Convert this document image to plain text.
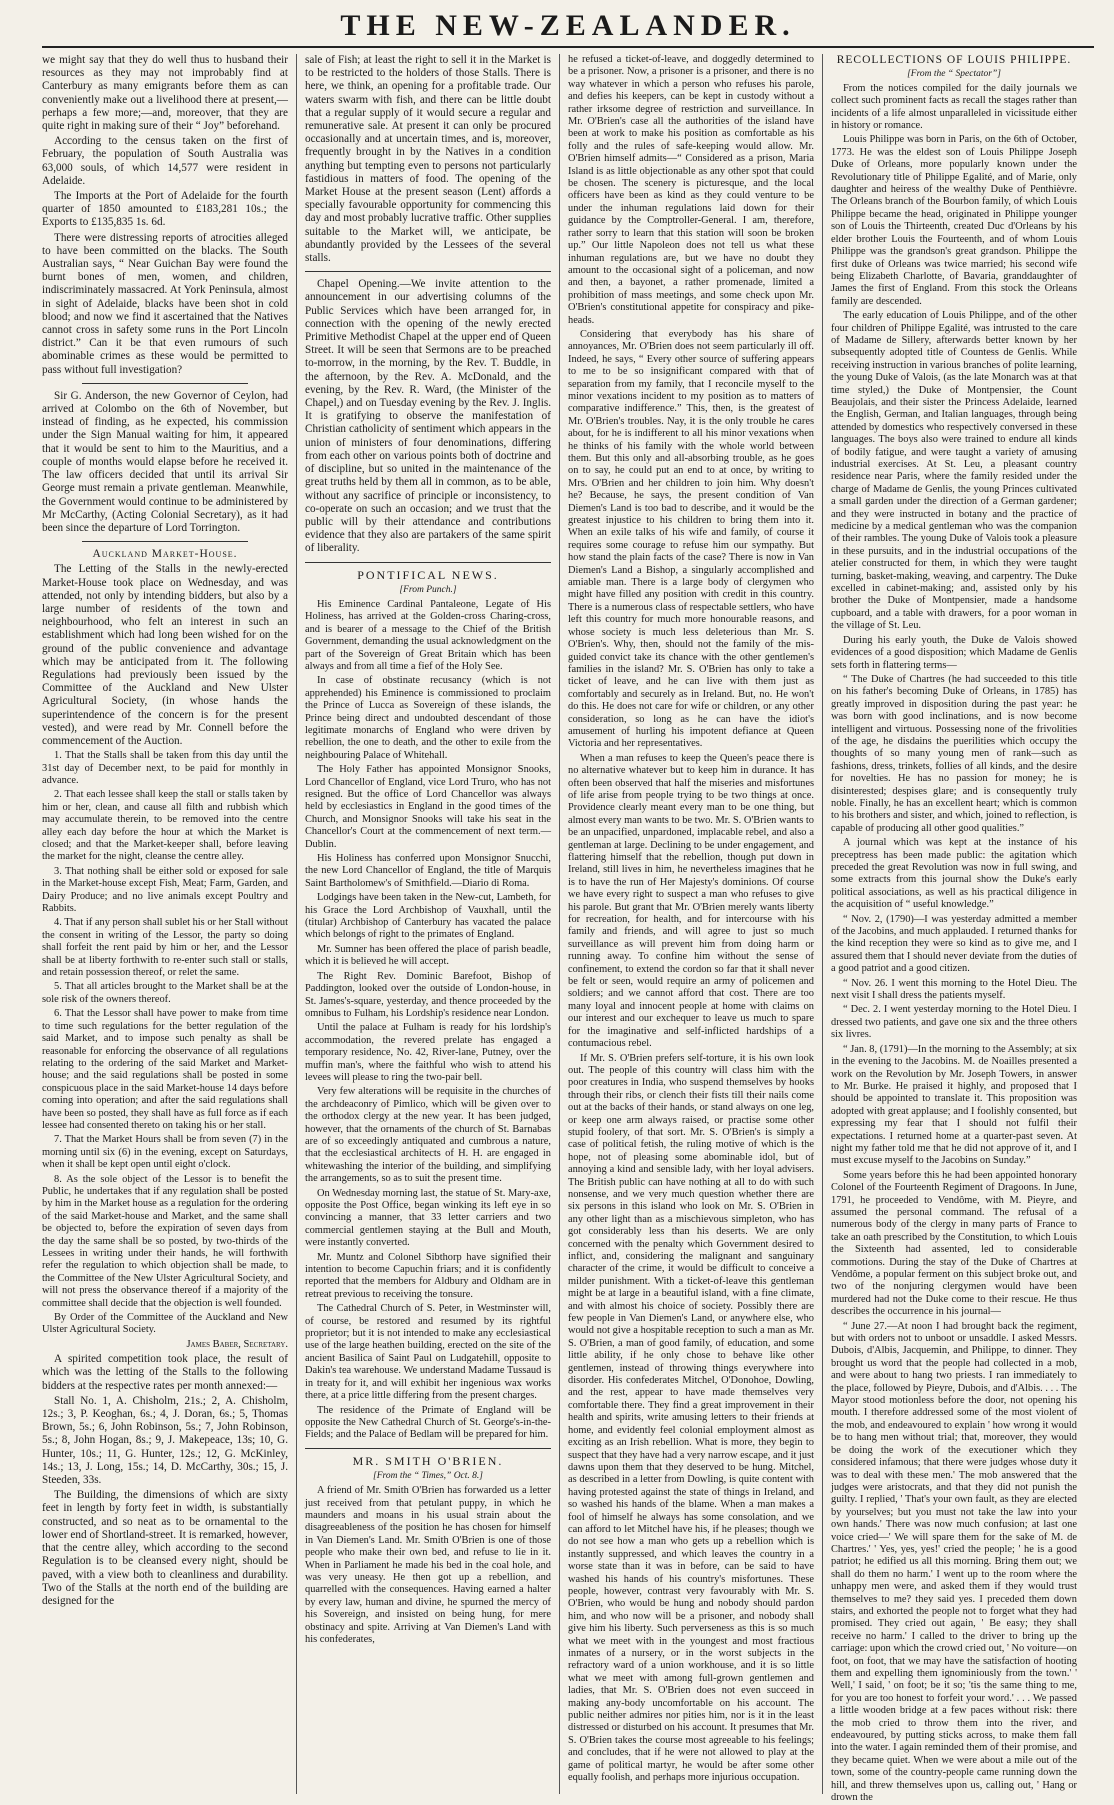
THE NEW-ZEALANDER.

we might say that they do well thus to husband their resources as they may not improbably find at Canterbury as many emigrants before them as can conveniently make out a livelihood there at present,—perhaps a few more;—and, moreover, that they are quite right in making sure of their “ Joy” beforehand.

According to the census taken on the first of February, the population of South Australia was 63,000 souls, of which 14,577 were resident in Adelaide.

The Imports at the Port of Adelaide for the fourth quarter of 1850 amounted to £183,281 10s.; the Exports to £135,835 1s. 6d.

There were distressing reports of atrocities alleged to have been committed on the blacks. The South Australian says, “ Near Guichan Bay were found the burnt bones of men, women, and children, indiscriminately massacred. At York Peninsula, almost in sight of Adelaide, blacks have been shot in cold blood; and now we find it ascertained that the Natives cannot cross in safety some runs in the Port Lincoln district.” Can it be that even rumours of such abominable crimes as these would be permitted to pass without full investigation?

Sir G. Anderson, the new Governor of Ceylon, had arrived at Colombo on the 6th of November, but instead of finding, as he expected, his commission under the Sign Manual waiting for him, it appeared that it would be sent to him to the Mauritius, and a couple of months would elapse before he received it. The law officers decided that until its arrival Sir George must remain a private gentleman. Meanwhile, the Government would continue to be administered by Mr McCarthy, (Acting Colonial Secretary), as it had been since the departure of Lord Torrington.

Auckland Market-House.

The Letting of the Stalls in the newly-erected Market-House took place on Wednesday, and was attended, not only by intending bidders, but also by a large number of residents of the town and neighbourhood, who felt an interest in such an establishment which had long been wished for on the ground of the public convenience and advantage which may be anticipated from it. The following Regulations had previously been issued by the Committee of the Auckland and New Ulster Agricultural Society, (in whose hands the superintendence of the concern is for the present vested), and were read by Mr. Connell before the commencement of the Auction.

1. That the Stalls shall be taken from this day until the 31st day of December next, to be paid for monthly in advance.

2. That each lessee shall keep the stall or stalls taken by him or her, clean, and cause all filth and rubbish which may accumulate therein, to be removed into the centre alley each day before the hour at which the Market is closed; and that the Market-keeper shall, before leaving the market for the night, cleanse the centre alley.

3. That nothing shall be either sold or exposed for sale in the Market-house except Fish, Meat; Farm, Garden, and Dairy Produce; and no live animals except Poultry and Rabbits.

4. That if any person shall sublet his or her Stall without the consent in writing of the Lessor, the party so doing shall forfeit the rent paid by him or her, and the Lessor shall be at liberty forthwith to re-enter such stall or stalls, and retain possession thereof, or relet the same.

5. That all articles brought to the Market shall be at the sole risk of the owners thereof.

6. That the Lessor shall have power to make from time to time such regulations for the better regulation of the said Market, and to impose such penalty as shall be reasonable for enforcing the observance of all regulations relating to the ordering of the said Market and Market-house; and the said regulations shall be posted in some conspicuous place in the said Market-house 14 days before coming into operation; and after the said regulations shall have been so posted, they shall have as full force as if each lessee had consented thereto on taking his or her stall.

7. That the Market Hours shall be from seven (7) in the morning until six (6) in the evening, except on Saturdays, when it shall be kept open until eight o'clock.

8. As the sole object of the Lessor is to benefit the Public, he undertakes that if any regulation shall be posted by him in the Market house as a regulation for the ordering of the said Market-house and Market, and the same shall be objected to, before the expiration of seven days from the day the same shall be so posted, by two-thirds of the Lessees in writing under their hands, he will forthwith refer the regulation to which objection shall be made, to the Committee of the New Ulster Agricultural Society, and will not press the observance thereof if a majority of the committee shall decide that the objection is well founded.

By Order of the Committee of the Auckland and New Ulster Agricultural Society.

James Baber, Secretary.

A spirited competition took place, the result of which was the letting of the Stalls to the following bidders at the respective rates per month annexed:—

Stall No. 1, A. Chisholm, 21s.; 2, A. Chisholm, 12s.; 3, P. Keoghan, 6s.; 4, J. Doran, 6s.; 5, Thomas Brown, 5s.; 6, John Robinson, 5s.; 7, John Robinson, 5s.; 8, John Hogan, 8s.; 9, J. Makepeace, 13s; 10, G. Hunter, 10s.; 11, G. Hunter, 12s.; 12, G. McKinley, 14s.; 13, J. Long, 15s.; 14, D. McCarthy, 30s.; 15, J. Steeden, 33s.

The Building, the dimensions of which are sixty feet in length by forty feet in width, is substantially constructed, and so neat as to be ornamental to the lower end of Shortland-street. It is remarked, however, that the centre alley, which according to the second Regulation is to be cleansed every night, should be paved, with a view both to cleanliness and durability. Two of the Stalls at the north end of the building are designed for the

sale of Fish; at least the right to sell it in the Market is to be restricted to the holders of those Stalls. There is here, we think, an opening for a profitable trade. Our waters swarm with fish, and there can be little doubt that a regular supply of it would secure a regular and remunerative sale. At present it can only be procured occasionally and at uncertain times, and is, moreover, frequently brought in by the Natives in a condition anything but tempting even to persons not particularly fastidious in matters of food. The opening of the Market House at the present season (Lent) affords a specially favourable opportunity for commencing this day and most probably lucrative traffic. Other supplies suitable to the Market will, we anticipate, be abundantly provided by the Lessees of the several stalls.

Chapel Opening.—We invite attention to the announcement in our advertising columns of the Public Services which have been arranged for, in connection with the opening of the newly erected Primitive Methodist Chapel at the upper end of Queen Street. It will be seen that Sermons are to be preached to-morrow, in the morning, by the Rev. T. Buddle, in the afternoon, by the Rev. A. McDonald, and the evening, by the Rev. R. Ward, (the Minister of the Chapel,) and on Tuesday evening by the Rev. J. Inglis. It is gratifying to observe the manifestation of Christian catholicity of sentiment which appears in the union of ministers of four denominations, differing from each other on various points both of doctrine and of discipline, but so united in the maintenance of the great truths held by them all in common, as to be able, without any sacrifice of principle or inconsistency, to co-operate on such an occasion; and we trust that the public will by their attendance and contributions evidence that they also are partakers of the same spirit of liberality.

PONTIFICAL NEWS.

[From Punch.]

His Eminence Cardinal Pantaleone, Legate of His Holiness, has arrived at the Golden-cross Charing-cross, and is bearer of a message to the Chief of the British Government, demanding the usual acknowledgment on the part of the Sovereign of Great Britain which has been always and from all time a fief of the Holy See.

In case of obstinate recusancy (which is not apprehended) his Eminence is commissioned to proclaim the Prince of Lucca as Sovereign of these islands, the Prince being direct and undoubted descendant of those legitimate monarchs of England who were driven by rebellion, the one to death, and the other to exile from the neighbouring Palace of Whitehall.

The Holy Father has appointed Monsignor Snooks, Lord Chancellor of England, vice Lord Truro, who has not resigned. But the office of Lord Chancellor was always held by ecclesiastics in England in the good times of the Church, and Monsignor Snooks will take his seat in the Chancellor's Court at the commencement of next term.—Dublin.

His Holiness has conferred upon Monsignor Snucchi, the new Lord Chancellor of England, the title of Marquis Saint Bartholomew's of Smithfield.—Diario di Roma.

Lodgings have been taken in the New-cut, Lambeth, for his Grace the Lord Archbishop of Vauxhall, until the (titular) Archbishop of Canterbury has vacated the palace which belongs of right to the primates of England.

Mr. Sumner has been offered the place of parish beadle, which it is believed he will accept.

The Right Rev. Dominic Barefoot, Bishop of Paddington, looked over the outside of London-house, in St. James's-square, yesterday, and thence proceeded by the omnibus to Fulham, his Lordship's residence near London.

Until the palace at Fulham is ready for his lordship's accommodation, the revered prelate has engaged a temporary residence, No. 42, River-lane, Putney, over the muffin man's, where the faithful who wish to attend his levees will please to ring the two-pair bell.

Very few alterations will be requisite in the churches of the archdeaconry of Pimlico, which will be given over to the orthodox clergy at the new year. It has been judged, however, that the ornaments of the church of St. Barnabas are of so exceedingly antiquated and cumbrous a nature, that the ecclesiastical architects of H. H. are engaged in whitewashing the interior of the building, and simplifying the arrangements, so as to suit the present time.

On Wednesday morning last, the statue of St. Mary-axe, opposite the Post Office, began winking its left eye in so convincing a manner, that 33 letter carriers and two commercial gentlemen staying at the Bull and Mouth, were instantly converted.

Mr. Muntz and Colonel Sibthorp have signified their intention to become Capuchin friars; and it is confidently reported that the members for Aldbury and Oldham are in retreat previous to receiving the tonsure.

The Cathedral Church of S. Peter, in Westminster will, of course, be restored and resumed by its rightful proprietor; but it is not intended to make any ecclesiastical use of the large heathen building, erected on the site of the ancient Basilica of Saint Paul on Ludgatehill, opposite to Dakin's tea warehouse. We understand Madame Tussaud is in treaty for it, and will exhibit her ingenious wax works there, at a price little differing from the present charges.

The residence of the Primate of England will be opposite the New Cathedral Church of St. George's-in-the-Fields; and the Palace of Bedlam will be prepared for him.

MR. SMITH O'BRIEN.

[From the “ Times,” Oct. 8.]

A friend of Mr. Smith O'Brien has forwarded us a letter just received from that petulant puppy, in which he maunders and moans in his usual strain about the disagreeableness of the position he has chosen for himself in Van Diemen's Land. Mr. Smith O'Brien is one of those people who make their own bed, and refuse to lie in it. When in Parliament he made his bed in the coal hole, and was very uneasy. He then got up a rebellion, and quarrelled with the consequences. Having earned a halter by every law, human and divine, he spurned the mercy of his Sovereign, and insisted on being hung, for mere obstinacy and spite. Arriving at Van Diemen's Land with his confederates,

he refused a ticket-of-leave, and doggedly determined to be a prisoner. Now, a prisoner is a prisoner, and there is no way whatever in which a person who refuses his parole, and defies his keepers, can be kept in custody without a rather irksome degree of restriction and surveillance. In Mr. O'Brien's case all the authorities of the island have been at work to make his position as comfortable as his folly and the rules of safe-keeping would allow. Mr. O'Brien himself admits—“ Considered as a prison, Maria Island is as little objectionable as any other spot that could be chosen. The scenery is picturesque, and the local officers have been as kind as they could venture to be under the inhuman regulations laid down for their guidance by the Comptroller-General. I am, therefore, rather sorry to learn that this station will soon be broken up.” Our little Napoleon does not tell us what these inhuman regulations are, but we have no doubt they amount to the occasional sight of a policeman, and now and then, a bayonet, a rather promenade, limited a prohibition of mass meetings, and some check upon Mr. O'Brien's constitutional appetite for conspiracy and pike-heads.

Considering that everybody has his share of annoyances, Mr. O'Brien does not seem particularly ill off. Indeed, he says, “ Every other source of suffering appears to me to be so insignificant compared with that of separation from my family, that I reconcile myself to the minor vexations incident to my position as to matters of comparative indifference.” This, then, is the greatest of Mr. O'Brien's troubles. Nay, it is the only trouble he cares about, for he is indifferent to all his minor vexations when he thinks of his family with the whole world between them. But this only and all-absorbing trouble, as he goes on to say, he could put an end to at once, by writing to Mrs. O'Brien and her children to join him. Why doesn't he? Because, he says, the present condition of Van Diemen's Land is too bad to describe, and it would be the greatest injustice to his children to bring them into it. When an exile talks of his wife and family, of course it requires some courage to refuse him our sympathy. But how stand the plain facts of the case? There is now in Van Diemen's Land a Bishop, a singularly accomplished and amiable man. There is a large body of clergymen who might have filled any position with credit in this country. There is a numerous class of respectable settlers, who have left this country for much more honourable reasons, and whose society is much less deleterious than Mr. S. O'Brien's. Why, then, should not the family of the mis-guided convict take its chance with the other gentlemen's families in the island? Mr. S. O'Brien has only to take a ticket of leave, and he can live with them just as comfortably and securely as in Ireland. But, no. He won't do this. He does not care for wife or children, or any other consideration, so long as he can have the idiot's amusement of hurling his impotent defiance at Queen Victoria and her representatives.

When a man refuses to keep the Queen's peace there is no alternative whatever but to keep him in durance. It has often been observed that half the miseries and misfortunes of life arise from people trying to be two things at once. Providence clearly meant every man to be one thing, but almost every man wants to be two. Mr. S. O'Brien wants to be an unpacified, unpardoned, implacable rebel, and also a gentleman at large. Declining to be under engagement, and flattering himself that the rebellion, though put down in Ireland, still lives in him, he nevertheless imagines that he is to have the run of Her Majesty's dominions. Of course we have every right to suspect a man who refuses to give his parole. But grant that Mr. O'Brien merely wants liberty for recreation, for health, and for intercourse with his family and friends, and will agree to just so much surveillance as will prevent him from doing harm or running away. To confine him without the sense of confinement, to extend the cordon so far that it shall never be felt or seen, would require an army of policemen and soldiers; and we cannot afford that cost. There are too many loyal and innocent people at home with claims on our interest and our exchequer to leave us much to spare for the imaginative and self-inflicted hardships of a contumacious rebel.

If Mr. S. O'Brien prefers self-torture, it is his own look out. The people of this country will class him with the poor creatures in India, who suspend themselves by hooks through their ribs, or clench their fists till their nails come out at the backs of their hands, or stand always on one leg, or keep one arm always raised, or practise some other stupid foolery, of that sort. Mr. S. O'Brien's is simply a case of political fetish, the ruling motive of which is the hope, not of pleasing some abominable idol, but of annoying a kind and sensible lady, with her loyal advisers. The British public can have nothing at all to do with such nonsense, and we very much question whether there are six persons in this island who look on Mr. S. O'Brien in any other light than as a mischievous simpleton, who has got considerably less than his deserts. We are only concerned with the penalty which Government desired to inflict, and, considering the malignant and sanguinary character of the crime, it would be difficult to conceive a milder punishment. With a ticket-of-leave this gentleman might be at large in a beautiful island, with a fine climate, and with almost his choice of society. Possibly there are few people in Van Diemen's Land, or anywhere else, who would not give a hospitable reception to such a man as Mr. S. O'Brien, a man of good family, of education, and some little ability, if he only chose to behave like other gentlemen, instead of throwing things everywhere into disorder. His confederates Mitchel, O'Donohoe, Dowling, and the rest, appear to have made themselves very comfortable there. They find a great improvement in their health and spirits, write amusing letters to their friends at home, and evidently feel colonial employment almost as exciting as an Irish rebellion. What is more, they begin to suspect that they have had a very narrow escape, and it just dawns upon them that they deserved to be hung. Mitchel, as described in a letter from Dowling, is quite content with having protested against the state of things in Ireland, and so washed his hands of the blame. When a man makes a fool of himself he always has some consolation, and we can afford to let Mitchel have his, if he pleases; though we do not see how a man who gets up a rebellion which is instantly suppressed, and which leaves the country in a worse state than it was in before, can be said to have washed his hands of his country's misfortunes. These people, however, contrast very favourably with Mr. S. O'Brien, who would be hung and nobody should pardon him, and who now will be a prisoner, and nobody shall give him his liberty. Such perverseness as this is so much what we meet with in the youngest and most fractious inmates of a nursery, or in the worst subjects in the refractory ward of a union workhouse, and it is so little what we meet with among full-grown gentlemen and ladies, that Mr. S. O'Brien does not even succeed in making any-body uncomfortable on his account. The public neither admires nor pities him, nor is it in the least distressed or disturbed on his account. It presumes that Mr. S. O'Brien takes the course most agreeable to his feelings; and concludes, that if he were not allowed to play at the game of political martyr, he would be after some other equally foolish, and perhaps more injurious occupation.

RECOLLECTIONS OF LOUIS PHILIPPE.

[From the “ Spectator”]

From the notices compiled for the daily journals we collect such prominent facts as recall the stages rather than incidents of a life almost unparalleled in vicissitude either in history or romance.

Louis Philippe was born in Paris, on the 6th of October, 1773. He was the eldest son of Louis Philippe Joseph Duke of Orleans, more popularly known under the Revolutionary title of Philippe Egalité, and of Marie, only daughter and heiress of the wealthy Duke of Penthièvre. The Orleans branch of the Bourbon family, of which Louis Philippe became the head, originated in Philippe younger son of Louis the Thirteenth, created Duc d'Orleans by his elder brother Louis the Fourteenth, and of whom Louis Philippe was the grandson's great grandson. Philippe the first duke of Orleans was twice married; his second wife being Elizabeth Charlotte, of Bavaria, granddaughter of James the first of England. From this stock the Orleans family are descended.

The early education of Louis Philippe, and of the other four children of Philippe Egalité, was intrusted to the care of Madame de Sillery, afterwards better known by her subsequently adopted title of Countess de Genlis. While receiving instruction in various branches of polite learning, the young Duke of Valois, (as the late Monarch was at that time styled,) the Duke of Montpensier, the Count Beaujolais, and their sister the Princess Adelaide, learned the English, German, and Italian languages, through being attended by domestics who respectively conversed in these languages. The boys also were trained to endure all kinds of bodily fatigue, and were taught a variety of amusing industrial exercises. At St. Leu, a pleasant country residence near Paris, where the family resided under the charge of Madame de Genlis, the young Princes cultivated a small garden under the direction of a German gardener; and they were instructed in botany and the practice of medicine by a medical gentleman who was the companion of their rambles. The young Duke of Valois took a pleasure in these pursuits, and in the industrial occupations of the atelier constructed for them, in which they were taught turning, basket-making, weaving, and carpentry. The Duke excelled in cabinet-making; and, assisted only by his brother the Duke of Montpensier, made a handsome cupboard, and a table with drawers, for a poor woman in the village of St. Leu.

During his early youth, the Duke de Valois showed evidences of a good disposition; which Madame de Genlis sets forth in flattering terms—

“ The Duke of Chartres (he had succeeded to this title on his father's becoming Duke of Orleans, in 1785) has greatly improved in disposition during the past year: he was born with good inclinations, and is now become intelligent and virtuous. Possessing none of the frivolities of the age, he disdains the puerilities which occupy the thoughts of so many young men of rank—such as fashions, dress, trinkets, follies of all kinds, and the desire for novelties. He has no passion for money; he is disinterested; despises glare; and is consequently truly noble. Finally, he has an excellent heart; which is common to his brothers and sister, and which, joined to reflection, is capable of producing all other good qualities.”

A journal which was kept at the instance of his preceptress has been made public: the agitation which preceded the great Revolution was now in full swing, and some extracts from this journal show the Duke's early political associations, as well as his practical diligence in the acquisition of “ useful knowledge.”

“ Nov. 2, (1790)—I was yesterday admitted a member of the Jacobins, and much applauded. I returned thanks for the kind reception they were so kind as to give me, and I assured them that I should never deviate from the duties of a good patriot and a good citizen.

“ Nov. 26. I went this morning to the Hotel Dieu. The next visit I shall dress the patients myself.

“ Dec. 2. I went yesterday morning to the Hotel Dieu. I dressed two patients, and gave one six and the three others six livres.

“ Jan. 8, (1791)—In the morning to the Assembly; at six in the evening to the Jacobins. M. de Noailles presented a work on the Revolution by Mr. Joseph Towers, in answer to Mr. Burke. He praised it highly, and proposed that I should be appointed to translate it. This proposition was adopted with great applause; and I foolishly consented, but expressing my fear that I should not fulfil their expectations. I returned home at a quarter-past seven. At night my father told me that he did not approve of it, and I must excuse myself to the Jacobins on Sunday.”

Some years before this he had been appointed honorary Colonel of the Fourteenth Regiment of Dragoons. In June, 1791, he proceeded to Vendôme, with M. Pieyre, and assumed the personal command. The refusal of a numerous body of the clergy in many parts of France to take an oath prescribed by the Constitution, to which Louis the Sixteenth had assented, led to considerable commotions. During the stay of the Duke of Chartres at Vendôme, a popular ferment on this subject broke out, and two of the nonjuring clergymen would have been murdered had not the Duke come to their rescue. He thus describes the occurrence in his journal—

“ June 27.—At noon I had brought back the regiment, but with orders not to unboot or unsaddle. I asked Messrs. Dubois, d'Albis, Jacquemin, and Philippe, to dinner. They brought us word that the people had collected in a mob, and were about to hang two priests. I ran immediately to the place, followed by Pieyre, Dubois, and d'Albis. . . . The Mayor stood motionless before the door, not opening his mouth. I therefore addressed some of the most violent of the mob, and endeavoured to explain ' how wrong it would be to hang men without trial; that, moreover, they would be doing the work of the executioner which they considered infamous; that there were judges whose duty it was to deal with these men.' The mob answered that the judges were aristocrats, and that they did not punish the guilty. I replied, ' That's your own fault, as they are elected by yourselves; but you must not take the law into your own hands.' There was now much confusion; at last one voice cried—' We will spare them for the sake of M. de Chartres.' ' Yes, yes, yes!' cried the people; ' he is a good patriot; he edified us all this morning. Bring them out; we shall do them no harm.' I went up to the room where the unhappy men were, and asked them if they would trust themselves to me? they said yes. I preceded them down stairs, and exhorted the people not to forget what they had promised. They cried out again, ' Be easy; they shall receive no harm.' I called to the driver to bring up the carriage: upon which the crowd cried out, ' No voiture—on foot, on foot, that we may have the satisfaction of hooting them and expelling them ignominiously from the town.' ' Well,' I said, ' on foot; be it so; 'tis the same thing to me, for you are too honest to forfeit your word.' . . . We passed a little wooden bridge at a few paces without risk: there the mob cried to throw them into the river, and endeavoured, by putting sticks across, to make them fall into the water. I again reminded them of their promise, and they became quiet. When we were about a mile out of the town, some of the country-people came running down the hill, and threw themselves upon us, calling out, ' Hang or drown the
